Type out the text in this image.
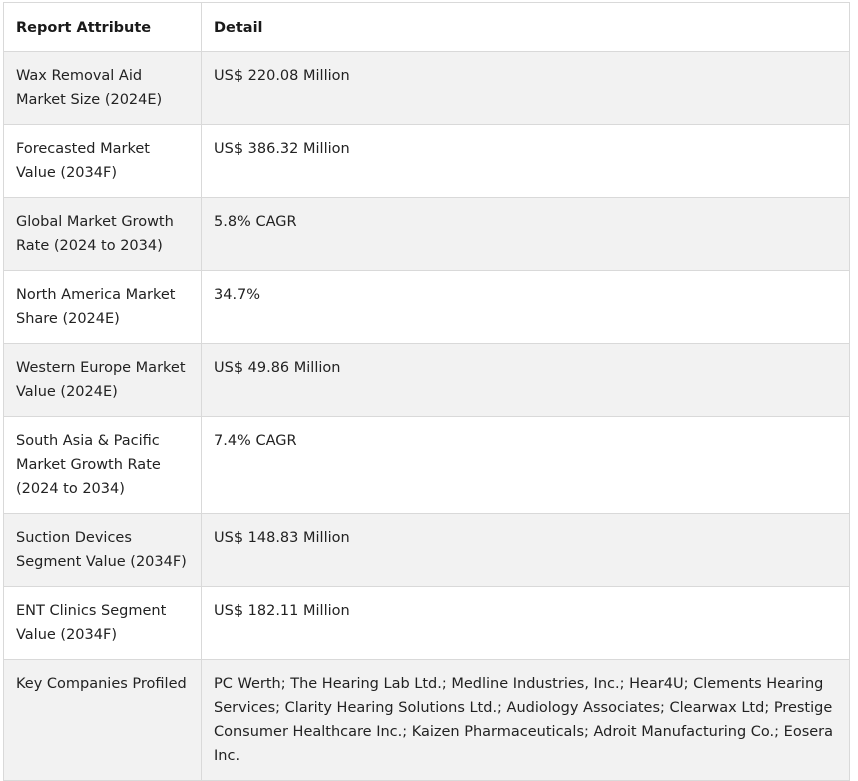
Report Attribute	Detail
Wax Removal Aid Market Size (2024E)	US$ 220.08 Million
Forecasted Market Value (2034F)	US$ 386.32 Million
Global Market Growth Rate (2024 to 2034)	5.8% CAGR
North America Market Share (2024E)	34.7%
Western Europe Market Value (2024E)	US$ 49.86 Million
South Asia & Pacific Market Growth Rate (2024 to 2034)	7.4% CAGR
Suction Devices Segment Value (2034F)	US$ 148.83 Million
ENT Clinics Segment Value (2034F)	US$ 182.11 Million
Key Companies Profiled	PC Werth; The Hearing Lab Ltd.; Medline Industries, Inc.; Hear4U; Clements Hearing Services; Clarity Hearing Solutions Ltd.; Audiology Associates; Clearwax Ltd; Prestige Consumer Healthcare Inc.; Kaizen Pharmaceuticals; Adroit Manufacturing Co.; Eosera Inc.
